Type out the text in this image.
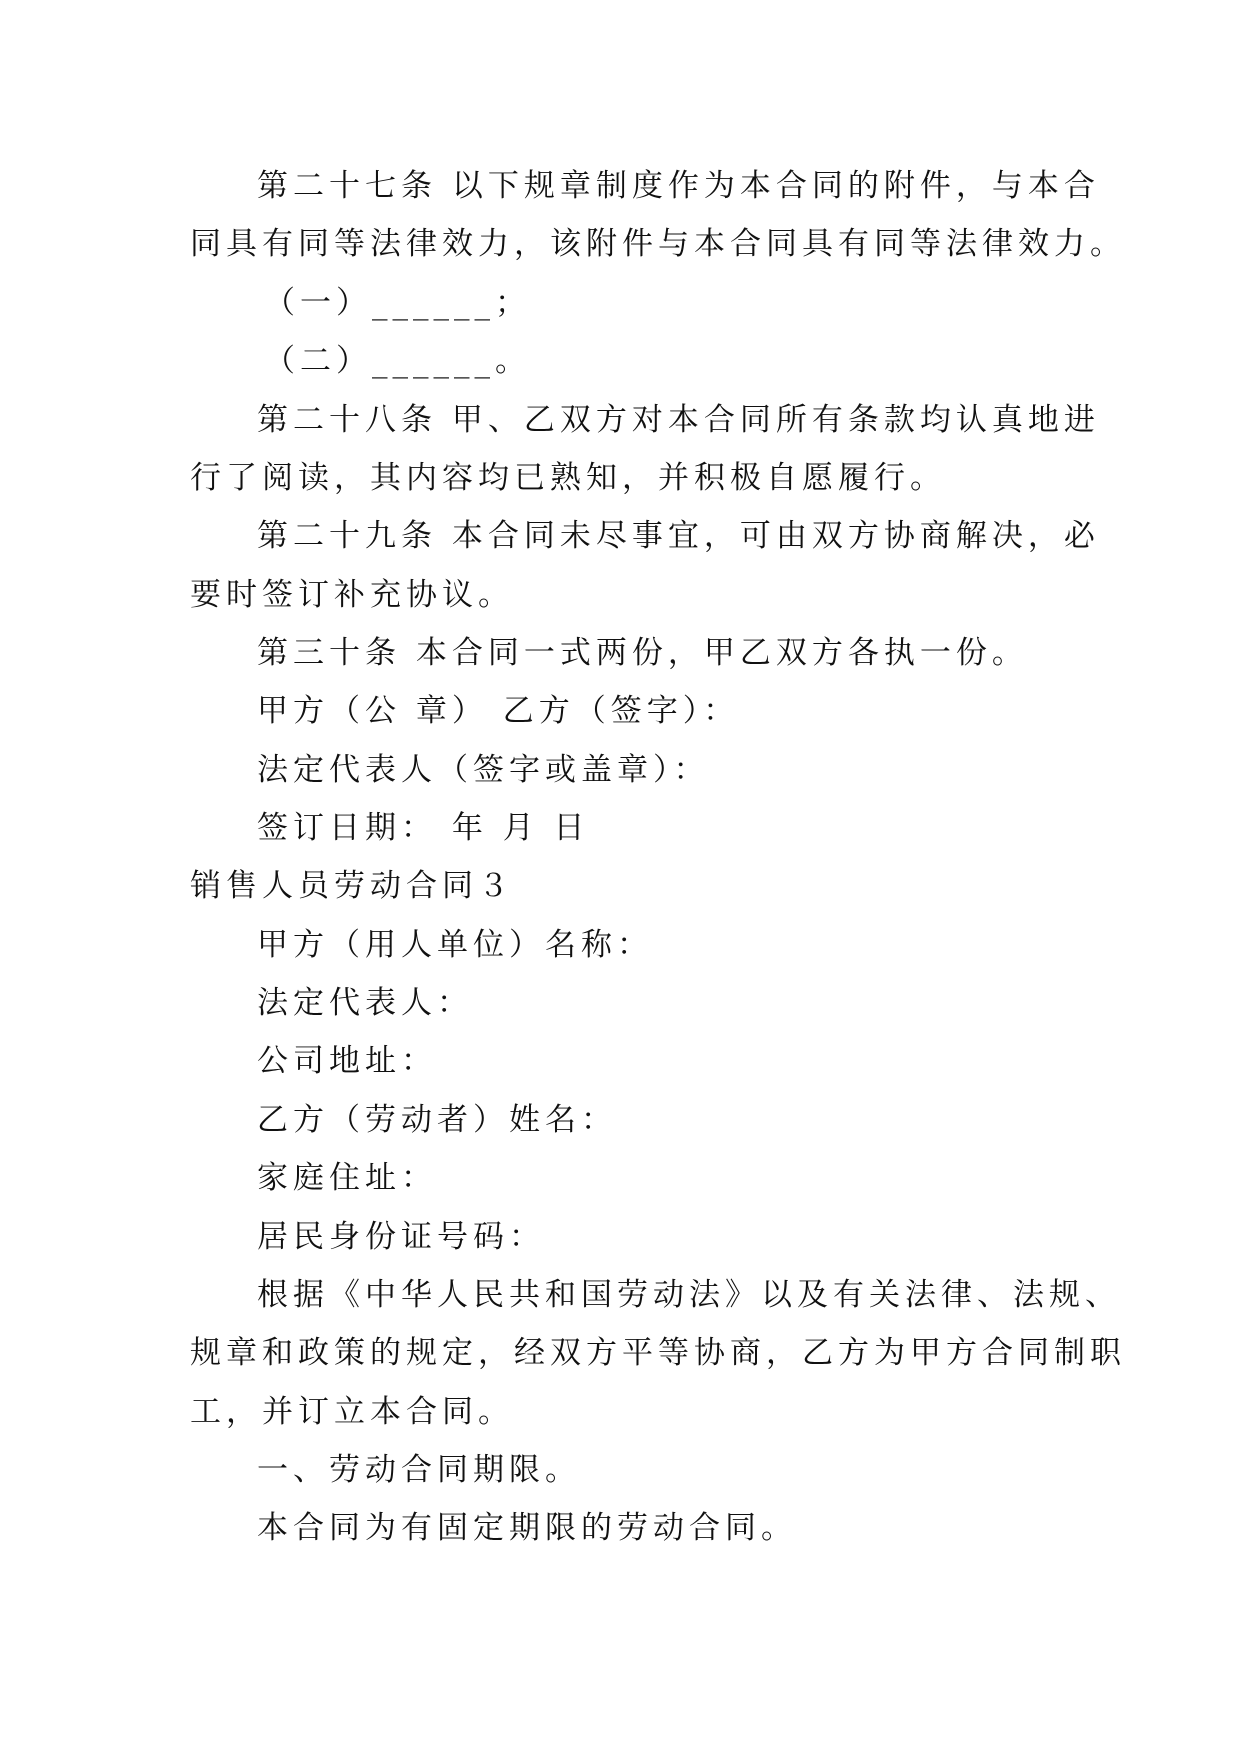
第二十七条 以下规章制度作为本合同的附件，与本合
同具有同等法律效力，该附件与本合同具有同等法律效力。
（一）______；
（二）______。
第二十八条 甲、乙双方对本合同所有条款均认真地进
行了阅读，其内容均已熟知，并积极自愿履行。
第二十九条 本合同未尽事宜，可由双方协商解决，必
要时签订补充协议。
第三十条 本合同一式两份，甲乙双方各执一份。
甲方（公 章） 乙方（签字）：
法定代表人（签字或盖章）：
签订日期： 年 月 日
销售人员劳动合同３
甲方（用人单位）名称：
法定代表人：
公司地址：
乙方（劳动者）姓名：
家庭住址：
居民身份证号码：
根据《中华人民共和国劳动法》以及有关法律、法规、
规章和政策的规定，经双方平等协商，乙方为甲方合同制职
工，并订立本合同。
一、劳动合同期限。
本合同为有固定期限的劳动合同。
